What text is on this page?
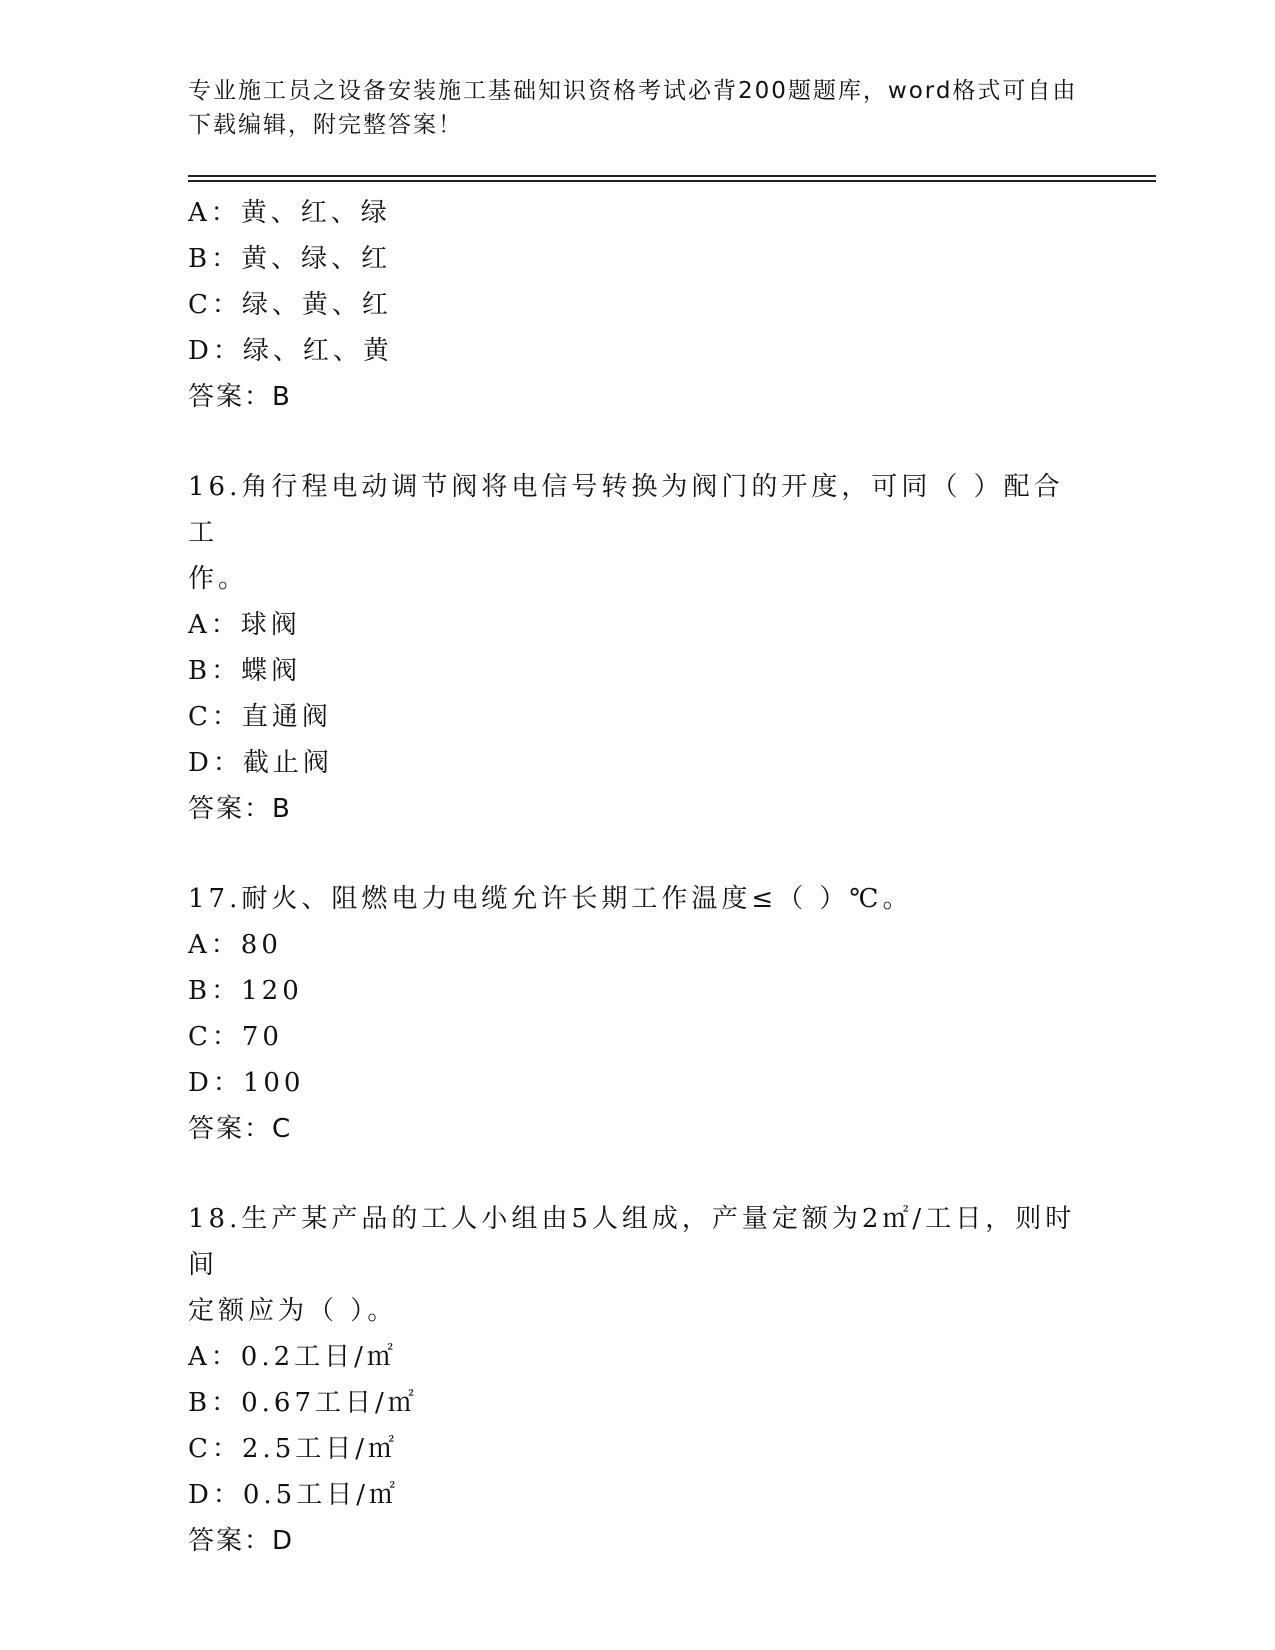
专业施工员之设备安装施工基础知识资格考试必背200题题库，word格式可自由
下载编辑，附完整答案！
A：黄、红、绿
B：黄、绿、红
C：绿、黄、红
D：绿、红、黄
答案：B
16.角行程电动调节阀将电信号转换为阀门的开度，可同（ ）配合工
作。
A：球阀
B：蝶阀
C：直通阀
D：截止阀
答案：B
17.耐火、阻燃电力电缆允许长期工作温度≤（ ）℃。
A：80
B：120
C：70
D：100
答案：C
18.生产某产品的工人小组由5人组成，产量定额为2㎡/工日，则时间
定额应为（ ）。
A：0.2工日/㎡
B：0.67工日/㎡
C：2.5工日/㎡
D：0.5工日/㎡
答案：D
